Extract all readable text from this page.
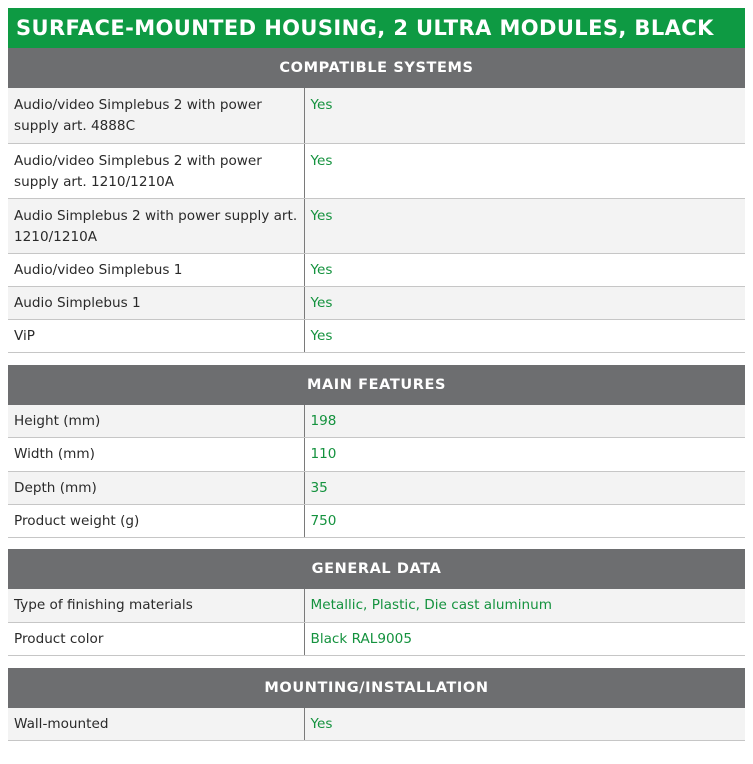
SURFACE-MOUNTED HOUSING, 2 ULTRA MODULES, BLACK
COMPATIBLE SYSTEMS
Audio/video Simplebus 2 with power supply art. 4888C	Yes
Audio/video Simplebus 2 with power supply art. 1210/1210A	Yes
Audio Simplebus 2 with power supply art. 1210/1210A	Yes
Audio/video Simplebus 1	Yes
Audio Simplebus 1	Yes
ViP	Yes
MAIN FEATURES
Height (mm)	198
Width (mm)	110
Depth (mm)	35
Product weight (g)	750
GENERAL DATA
Type of finishing materials	Metallic, Plastic, Die cast aluminum
Product color	Black RAL9005
MOUNTING/INSTALLATION
Wall-mounted	Yes
